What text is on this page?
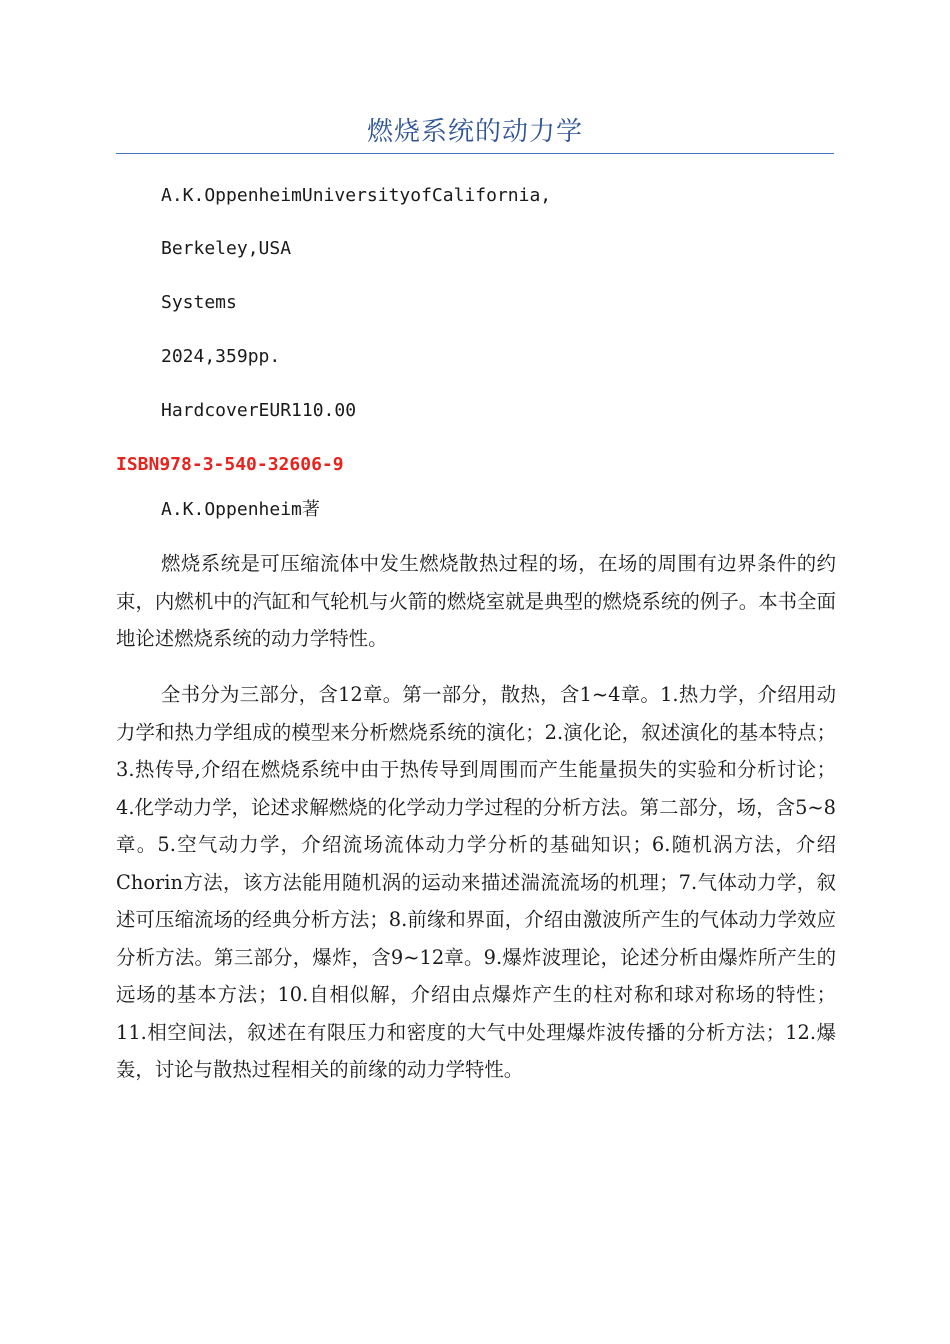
燃烧系统的动力学
A.K.OppenheimUniversityofCalifornia,
Berkeley,USA
Systems
2024,359pp.
HardcoverEUR110.00
ISBN978-3-540-32606-9
A.K.Oppenheim著

燃烧系统是可压缩流体中发生燃烧散热过程的场，在场的周围有边界条件的约束，内燃机中的汽缸和气轮机与火箭的燃烧室就是典型的燃烧系统的例子。本书全面地论述燃烧系统的动力学特性。

全书分为三部分，含12章。第一部分，散热，含1~4章。1.热力学，介绍用动力学和热力学组成的模型来分析燃烧系统的演化；2.演化论，叙述演化的基本特点；3.热传导,介绍在燃烧系统中由于热传导到周围而产生能量损失的实验和分析讨论；4.化学动力学，论述求解燃烧的化学动力学过程的分析方法。第二部分，场，含5~8章。5.空气动力学，介绍流场流体动力学分析的基础知识；6.随机涡方法，介绍Chorin方法，该方法能用随机涡的运动来描述湍流流场的机理；7.气体动力学，叙述可压缩流场的经典分析方法；8.前缘和界面，介绍由激波所产生的气体动力学效应分析方法。第三部分，爆炸，含9~12章。9.爆炸波理论，论述分析由爆炸所产生的远场的基本方法；10.自相似解，介绍由点爆炸产生的柱对称和球对称场的特性；11.相空间法，叙述在有限压力和密度的大气中处理爆炸波传播的分析方法；12.爆轰，讨论与散热过程相关的前缘的动力学特性。
